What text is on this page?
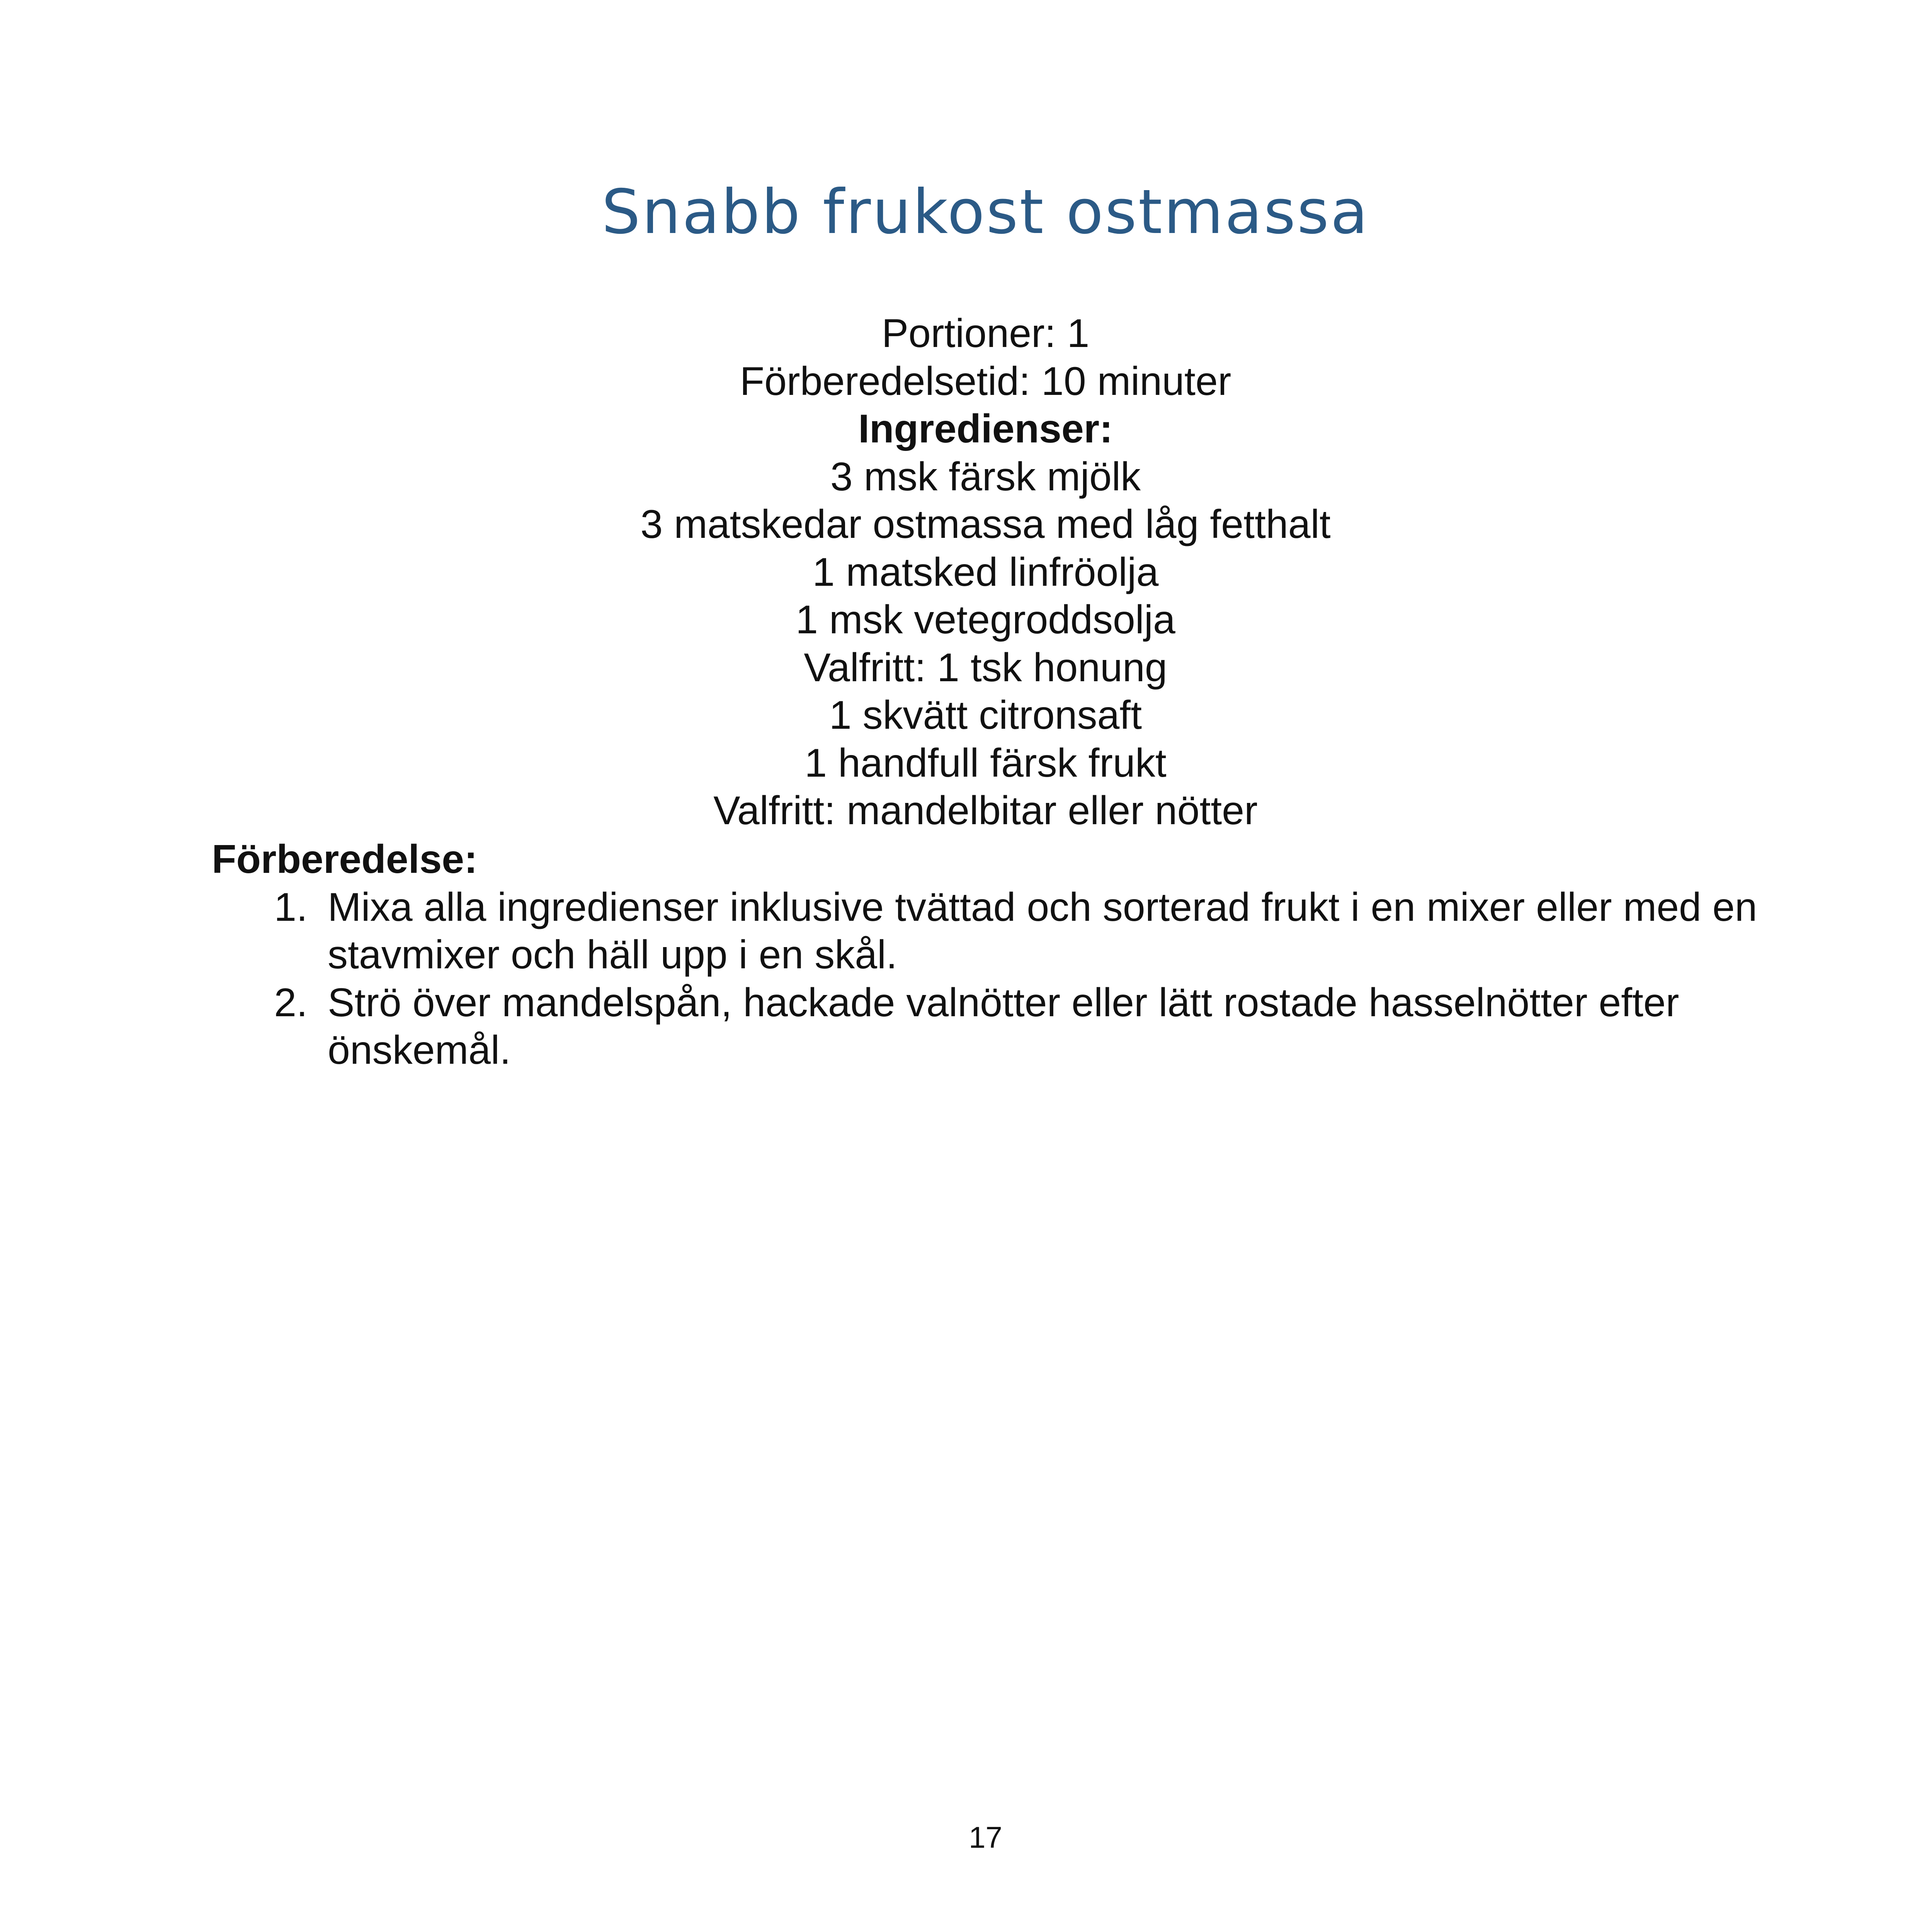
Snabb frukost ostmassa
Portioner: 1
Förberedelsetid: 10 minuter
Ingredienser:
3 msk färsk mjölk
3 matskedar ostmassa med låg fetthalt
1 matsked linfröolja
1 msk vetegroddsolja
Valfritt: 1 tsk honung
1 skvätt citronsaft
1 handfull färsk frukt
Valfritt: mandelbitar eller nötter
Förberedelse:
1. Mixa alla ingredienser inklusive tvättad och sorterad frukt i en mixer eller med en stavmixer och häll upp i en skål.
2. Strö över mandelspån, hackade valnötter eller lätt rostade hasselnötter efter önskemål.
17
